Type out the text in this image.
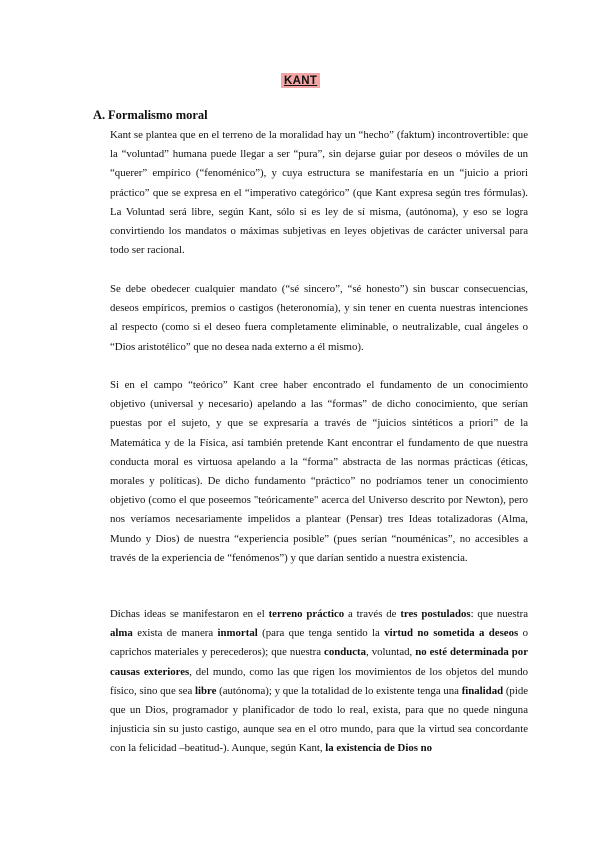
KANT
A. Formalismo moral

Kant se plantea que en el terreno de la moralidad hay un “hecho” (faktum) incontrovertible: que la “voluntad” humana puede llegar a ser “pura”, sin dejarse guiar por deseos o móviles de un “querer” empírico (“fenoménico”), y cuya estructura se manifestaría en un “juicio a priori práctico” que se expresa en el “imperativo categórico” (que Kant expresa según tres fórmulas). La Voluntad será libre, según Kant, sólo si es ley de sí misma, (autónoma), y eso se logra convirtiendo los mandatos o máximas subjetivas en leyes objetivas de carácter universal para todo ser racional.

Se debe obedecer cualquier mandato (“sé sincero”, “sé honesto”) sin buscar consecuencias, deseos empíricos, premios o castigos (heteronomía), y sin tener en cuenta nuestras intenciones al respecto (como si el deseo fuera completamente eliminable, o neutralizable, cual ángeles o “Dios aristotélico” que no desea nada externo a él mismo).

Si en el campo “teórico” Kant cree haber encontrado el fundamento de un conocimiento objetivo (universal y necesario) apelando a las “formas” de dicho conocimiento, que serían puestas por el sujeto, y que se expresaría a través de “juicios sintéticos a priori” de la Matemática y de la Física, así también pretende Kant encontrar el fundamento de que nuestra conducta moral es virtuosa apelando a la “forma” abstracta de las normas prácticas (éticas, morales y políticas). De dicho fundamento “práctico” no podríamos tener un conocimiento objetivo (como el que poseemos "teóricamente" acerca del Universo descrito por Newton), pero nos veríamos necesariamente impelidos a plantear (Pensar) tres Ideas totalizadoras (Alma, Mundo y Dios) de nuestra “experiencia posible” (pues serían “nouménicas”, no accesibles a través de la experiencia de “fenómenos”) y que darían sentido a nuestra existencia.

Dichas ideas se manifestaron en el terreno práctico a través de tres postulados: que nuestra alma exista de manera inmortal (para que tenga sentido la virtud no sometida a deseos o caprichos materiales y perecederos); que nuestra conducta, voluntad, no esté determinada por causas exteriores, del mundo, como las que rigen los movimientos de los objetos del mundo físico, sino que sea libre (autónoma); y que la totalidad de lo existente tenga una finalidad (pide que un Dios, programador y planificador de todo lo real, exista, para que no quede ninguna injusticia sin su justo castigo, aunque sea en el otro mundo, para que la virtud sea concordante con la felicidad –beatitud-). Aunque, según Kant, la existencia de Dios no
